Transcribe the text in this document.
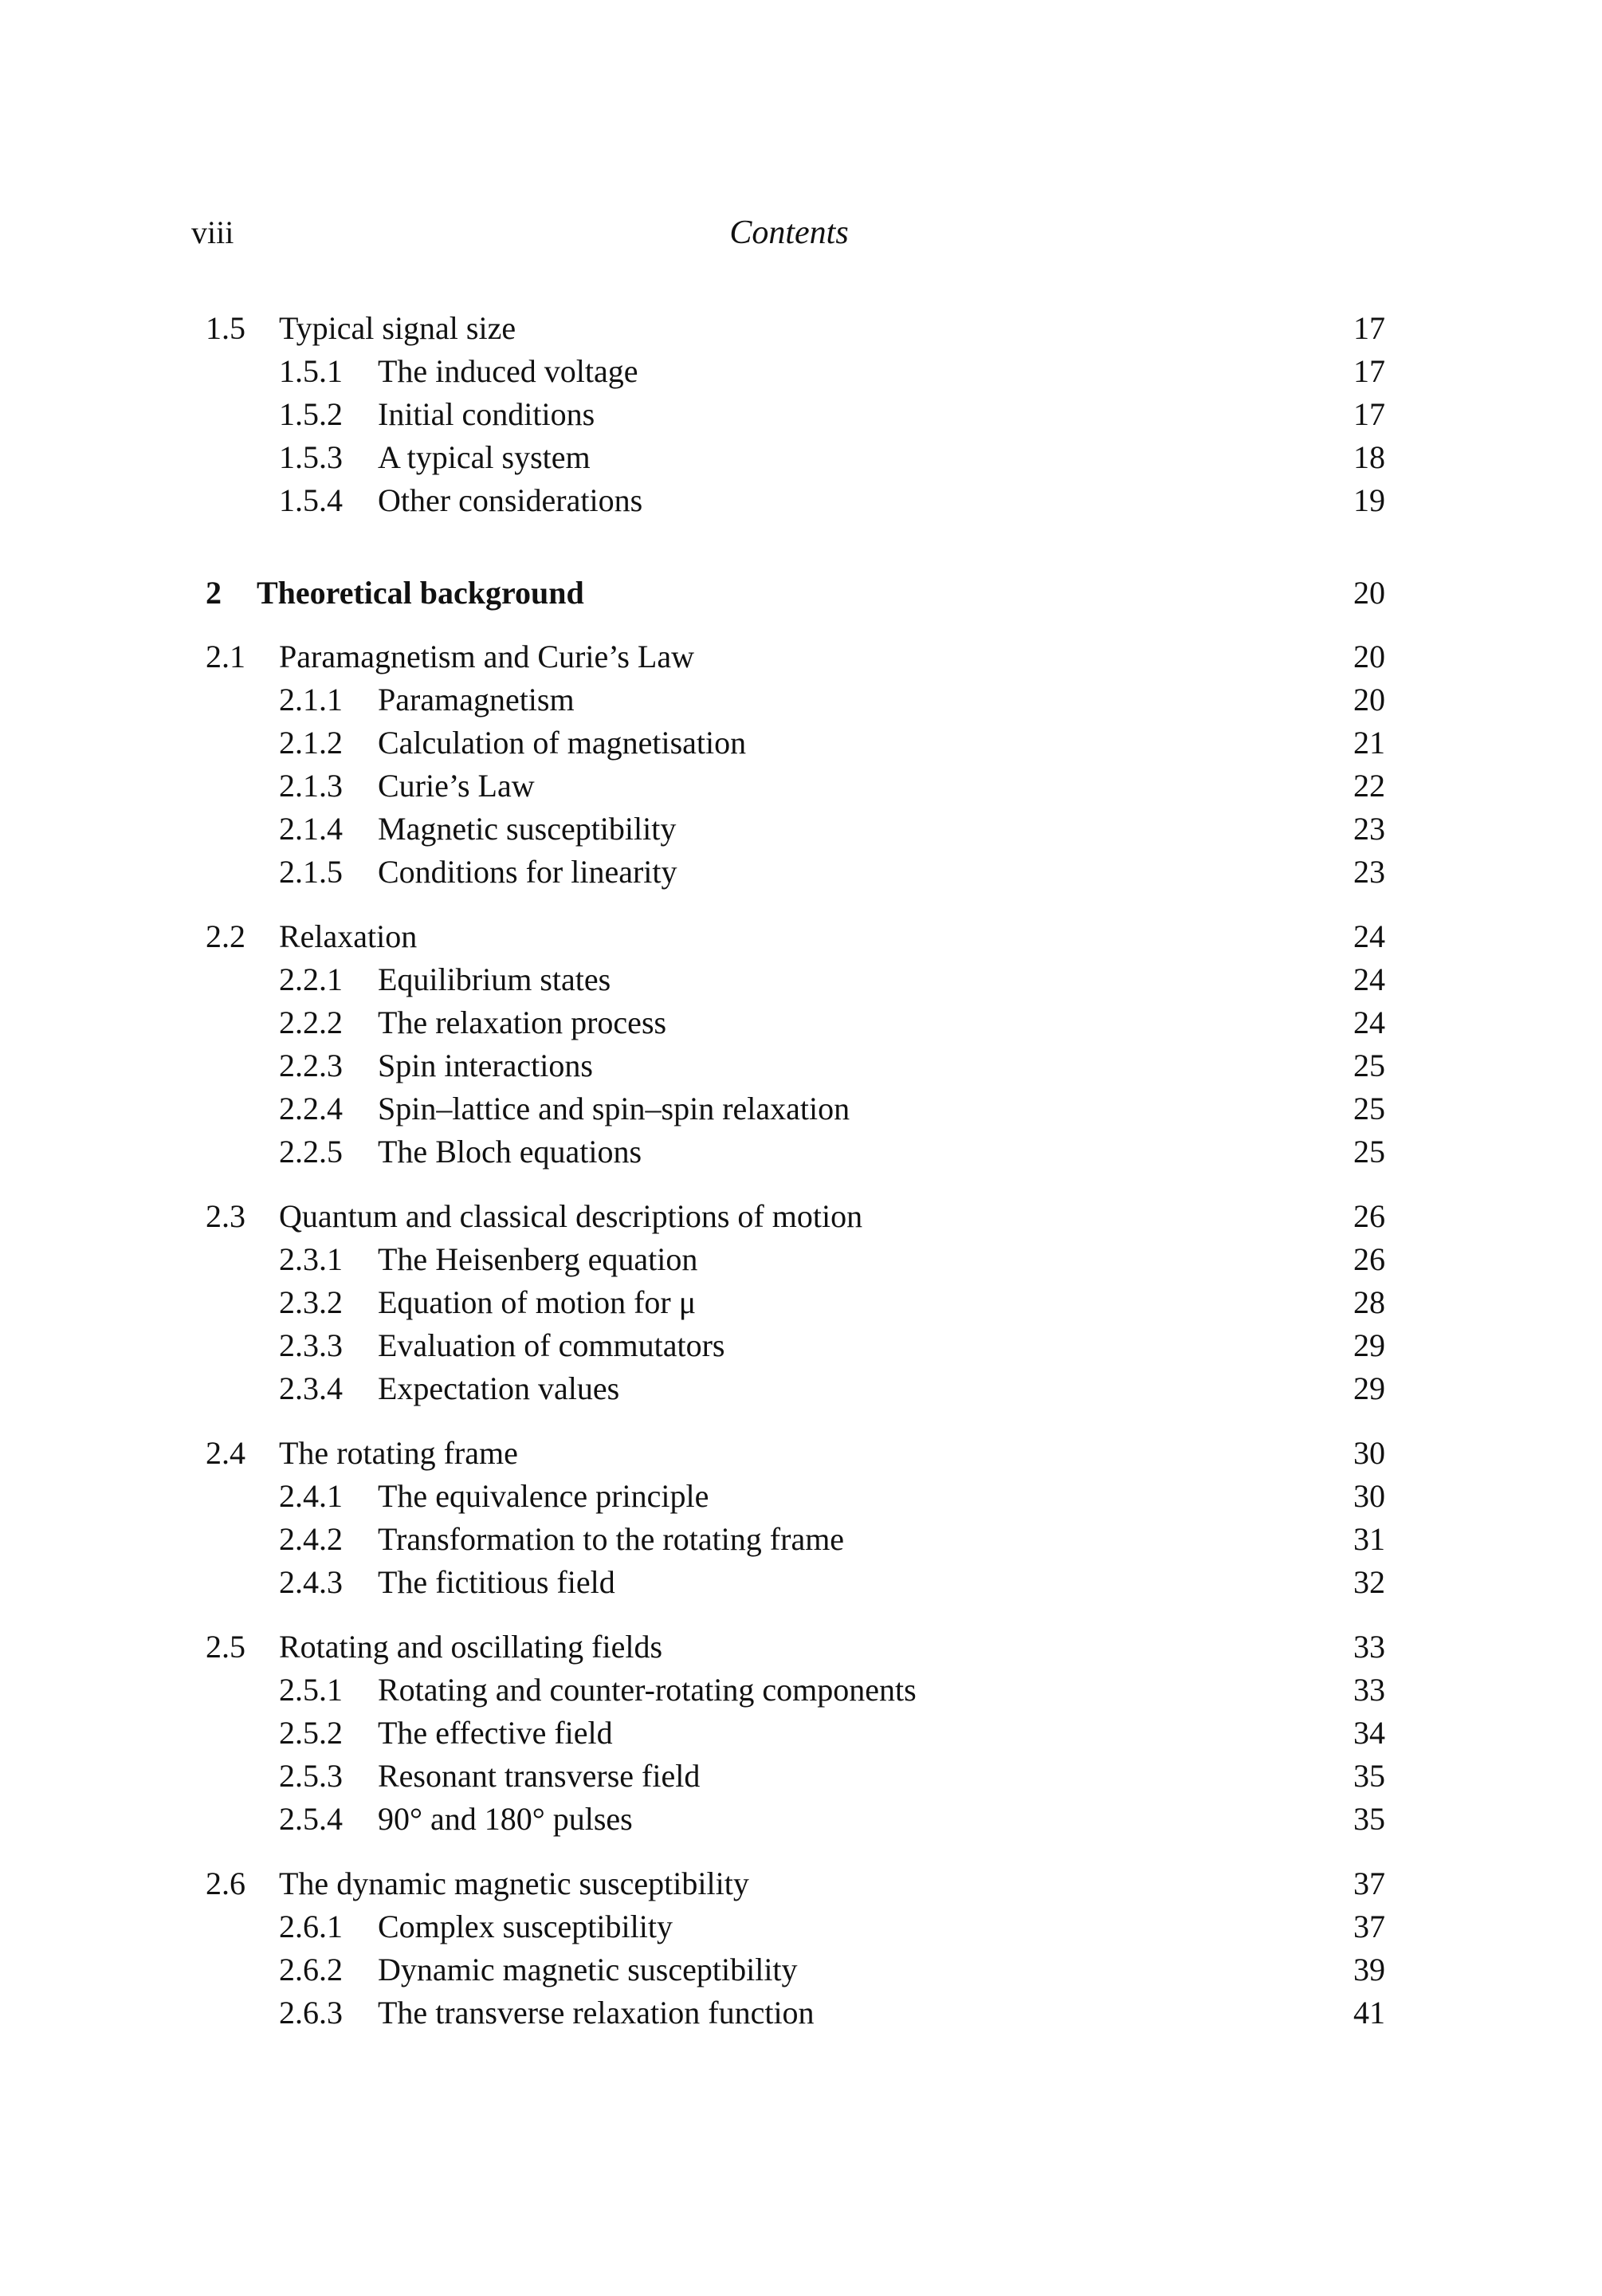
viii	Contents
1.5 Typical signal size	17
1.5.1 The induced voltage	17
1.5.2 Initial conditions	17
1.5.3 A typical system	18
1.5.4 Other considerations	19
2 Theoretical background	20
2.1 Paramagnetism and Curie’s Law	20
2.1.1 Paramagnetism	20
2.1.2 Calculation of magnetisation	21
2.1.3 Curie’s Law	22
2.1.4 Magnetic susceptibility	23
2.1.5 Conditions for linearity	23
2.2 Relaxation	24
2.2.1 Equilibrium states	24
2.2.2 The relaxation process	24
2.2.3 Spin interactions	25
2.2.4 Spin–lattice and spin–spin relaxation	25
2.2.5 The Bloch equations	25
2.3 Quantum and classical descriptions of motion	26
2.3.1 The Heisenberg equation	26
2.3.2 Equation of motion for μ	28
2.3.3 Evaluation of commutators	29
2.3.4 Expectation values	29
2.4 The rotating frame	30
2.4.1 The equivalence principle	30
2.4.2 Transformation to the rotating frame	31
2.4.3 The fictitious field	32
2.5 Rotating and oscillating fields	33
2.5.1 Rotating and counter-rotating components	33
2.5.2 The effective field	34
2.5.3 Resonant transverse field	35
2.5.4 90° and 180° pulses	35
2.6 The dynamic magnetic susceptibility	37
2.6.1 Complex susceptibility	37
2.6.2 Dynamic magnetic susceptibility	39
2.6.3 The transverse relaxation function	41
